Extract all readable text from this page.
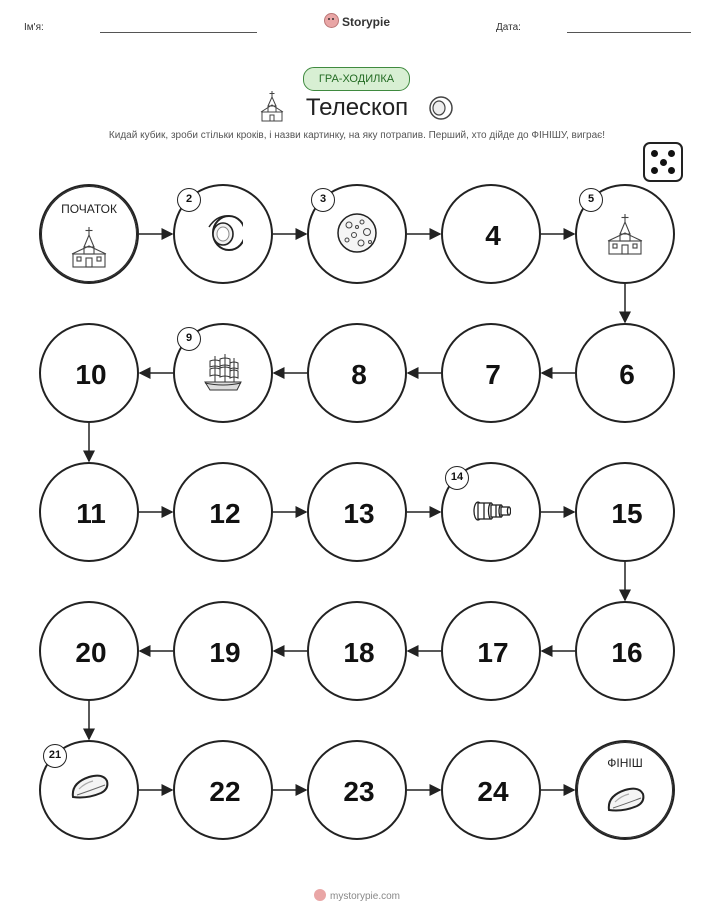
Ім'я:	Storypie	Дата:
ГРА-ХОДИЛКА
Телескоп
Кидай кубик, зроби стільки кроків, і назви картинку, на яку потрапив. Перший, хто дійде до ФІНІШУ, виграє!
ПОЧАТОК
2	3
4
5
6
7
8
9
10
11	12	13
14
15
16
17
18
19
20
21
22	23	24
ФІНІШ
mystorypie.com
